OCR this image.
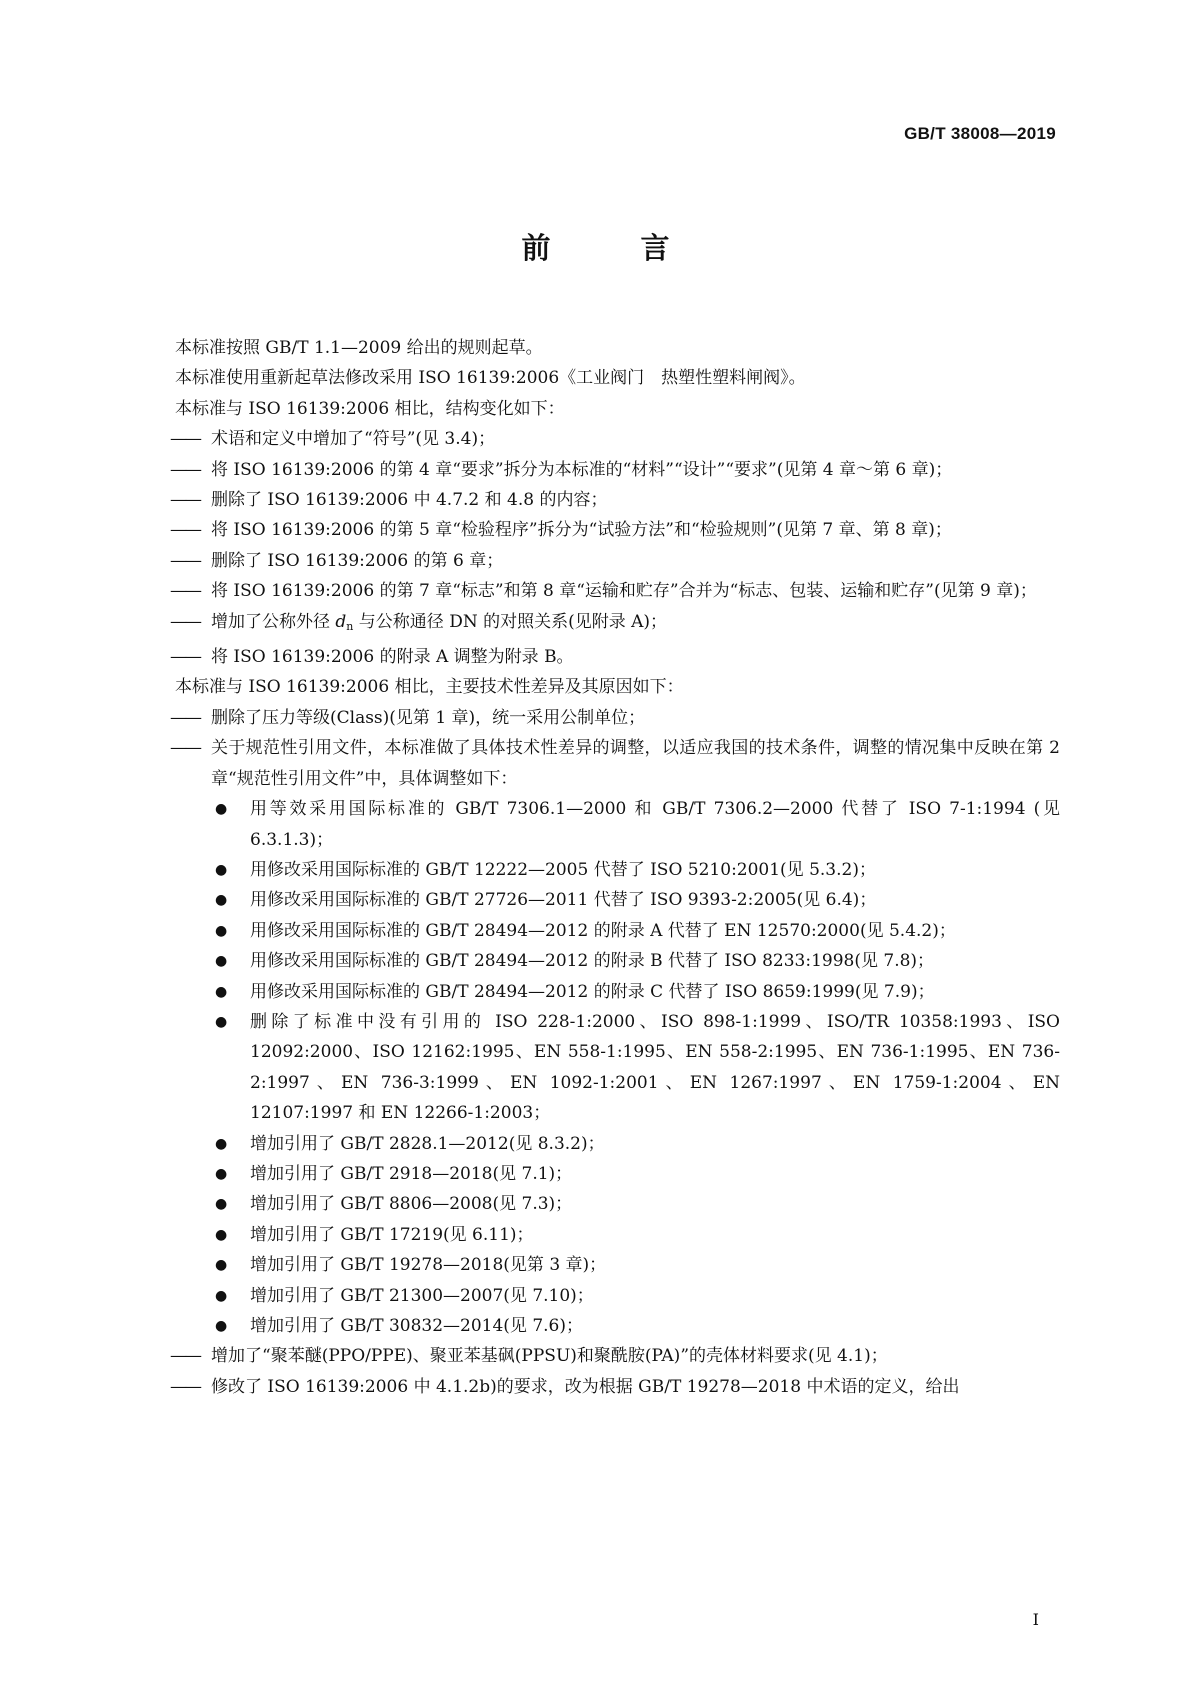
GB/T 38008—2019
前 言

本标准按照 GB/T 1.1—2009 给出的规则起草。

本标准使用重新起草法修改采用 ISO 16139:2006《工业阀门　热塑性塑料闸阀》。

本标准与 ISO 16139:2006 相比，结构变化如下：

—— 术语和定义中增加了“符号”(见 3.4)；

—— 将 ISO 16139:2006 的第 4 章“要求”拆分为本标准的“材料”“设计”“要求”(见第 4 章～第 6 章)；

—— 删除了 ISO 16139:2006 中 4.7.2 和 4.8 的内容；

—— 将 ISO 16139:2006 的第 5 章“检验程序”拆分为“试验方法”和“检验规则”(见第 7 章、第 8 章)；

—— 删除了 ISO 16139:2006 的第 6 章；

—— 将 ISO 16139:2006 的第 7 章“标志”和第 8 章“运输和贮存”合并为“标志、包装、运输和贮存”(见第 9 章)；

—— 增加了公称外径 $d_n$ 与公称通径 DN 的对照关系(见附录 A)；

—— 将 ISO 16139:2006 的附录 A 调整为附录 B。

本标准与 ISO 16139:2006 相比，主要技术性差异及其原因如下：

—— 删除了压力等级(Class)(见第 1 章)，统一采用公制单位；

—— 关于规范性引用文件，本标准做了具体技术性差异的调整，以适应我国的技术条件，调整的情况集中反映在第 2 章“规范性引用文件”中，具体调整如下：

● 用等效采用国际标准的 GB/T 7306.1—2000 和 GB/T 7306.2—2000 代替了 ISO 7-1:1994 (见6.3.1.3)；

● 用修改采用国际标准的 GB/T 12222—2005 代替了 ISO 5210:2001(见 5.3.2)；

● 用修改采用国际标准的 GB/T 27726—2011 代替了 ISO 9393-2:2005(见 6.4)；

● 用修改采用国际标准的 GB/T 28494—2012 的附录 A 代替了 EN 12570:2000(见 5.4.2)；

● 用修改采用国际标准的 GB/T 28494—2012 的附录 B 代替了 ISO 8233:1998(见 7.8)；

● 用修改采用国际标准的 GB/T 28494—2012 的附录 C 代替了 ISO 8659:1999(见 7.9)；

● 删除了标准中没有引用的 ISO 228-1:2000、ISO 898-1:1999、ISO/TR 10358:1993、ISO 12092:2000、ISO 12162:1995、EN 558-1:1995、EN 558-2:1995、EN 736-1:1995、EN 736-2:1997、EN 736-3:1999、EN 1092-1:2001、EN 1267:1997、EN 1759-1:2004、EN 12107:1997 和 EN 12266-1:2003；

● 增加引用了 GB/T 2828.1—2012(见 8.3.2)；

● 增加引用了 GB/T 2918—2018(见 7.1)；

● 增加引用了 GB/T 8806—2008(见 7.3)；

● 增加引用了 GB/T 17219(见 6.11)；

● 增加引用了 GB/T 19278—2018(见第 3 章)；

● 增加引用了 GB/T 21300—2007(见 7.10)；

● 增加引用了 GB/T 30832—2014(见 7.6)；

—— 增加了“聚苯醚(PPO/PPE)、聚亚苯基砜(PPSU)和聚酰胺(PA)”的壳体材料要求(见 4.1)；

—— 修改了 ISO 16139:2006 中 4.1.2b)的要求，改为根据 GB/T 19278—2018 中术语的定义，给出

I
